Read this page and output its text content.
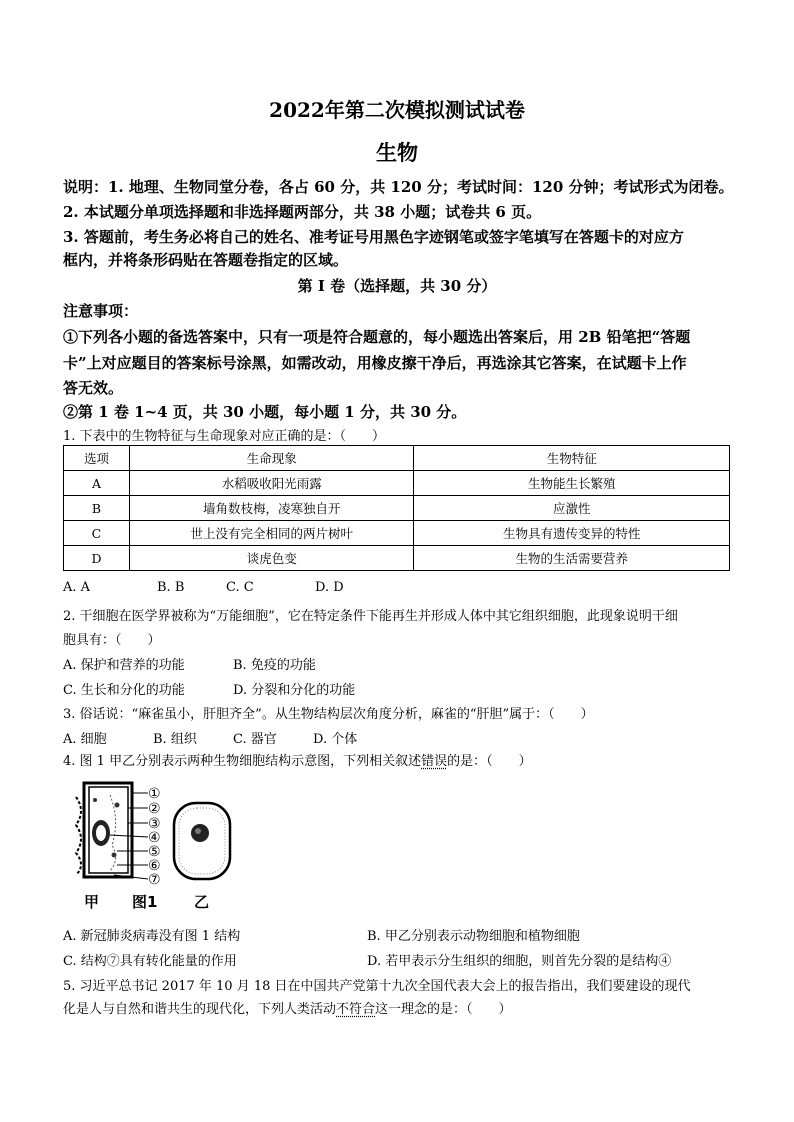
2022年第二次模拟测试试卷
生物
说明：1. 地理、生物同堂分卷，各占 60 分，共 120 分；考试时间：120 分钟；考试形式为闭卷。
2. 本试题分单项选择题和非选择题两部分，共 38 小题；试卷共 6 页。
3. 答题前，考生务必将自己的姓名、准考证号用黑色字迹钢笔或签字笔填写在答题卡的对应方
框内，并将条形码贴在答题卷指定的区域。
第 I 卷（选择题，共 30 分）
注意事项：
①下列各小题的备选答案中，只有一项是符合题意的，每小题选出答案后，用 2B 铅笔把“答题
卡”上对应题目的答案标号涂黑，如需改动，用橡皮擦干净后，再选涂其它答案，在试题卡上作
答无效。
②第 1 卷 1~4 页，共 30 小题，每小题 1 分，共 30 分。
1. 下表中的生物特征与生命现象对应正确的是：（　　）
选项	生命现象	生物特征
A	水稻吸收阳光雨露	生物能生长繁殖
B	墙角数枝梅，凌寒独自开	应激性
C	世上没有完全相同的两片树叶	生物具有遗传变异的特性
D	谈虎色变	生物的生活需要营养
A. A	B. B	C. C	D. D
2. 干细胞在医学界被称为“万能细胞”，它在特定条件下能再生并形成人体中其它组织细胞，此现象说明干细
胞具有：（　　）
A. 保护和营养的功能	B. 免疫的功能
C. 生长和分化的功能	D. 分裂和分化的功能
3. 俗话说：“麻雀虽小，肝胆齐全”。从生物结构层次角度分析，麻雀的“肝胆”属于：（　　）
A. 细胞	B. 组织	C. 器官	D. 个体
4. 图 1 甲乙分别表示两种生物细胞结构示意图，下列相关叙述错误的是：（　　）
①
②
③
④
⑤
⑥
⑦
甲 图1 乙
A. 新冠肺炎病毒没有图 1 结构	B. 甲乙分别表示动物细胞和植物细胞
C. 结构⑦具有转化能量的作用	D. 若甲表示分生组织的细胞，则首先分裂的是结构④
5. 习近平总书记 2017 年 10 月 18 日在中国共产党第十九次全国代表大会上的报告指出，我们要建设的现代
化是人与自然和谐共生的现代化，下列人类活动不符合这一理念的是：（　　）
